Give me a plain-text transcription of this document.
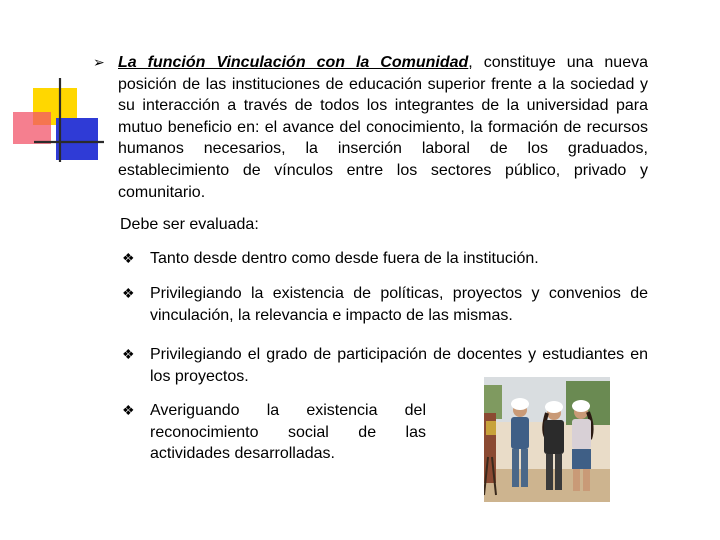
➢ La función Vinculación con la Comunidad, constituye una nueva posición de las instituciones de educación superior frente a la sociedad y su interacción a través de todos los integrantes de la universidad para mutuo beneficio en: el avance del conocimiento, la formación de recursos humanos necesarios, la inserción laboral de los graduados, establecimiento de vínculos entre los sectores público, privado y comunitario.
Debe ser evaluada:
❖ Tanto desde dentro como desde fuera de la institución.
❖ Privilegiando la existencia de políticas, proyectos y convenios de vinculación, la relevancia e impacto de las mismas.
❖ Privilegiando el grado de participación de docentes y estudiantes en los proyectos.
❖ Averiguando la existencia del reconocimiento social de las actividades desarrolladas.
